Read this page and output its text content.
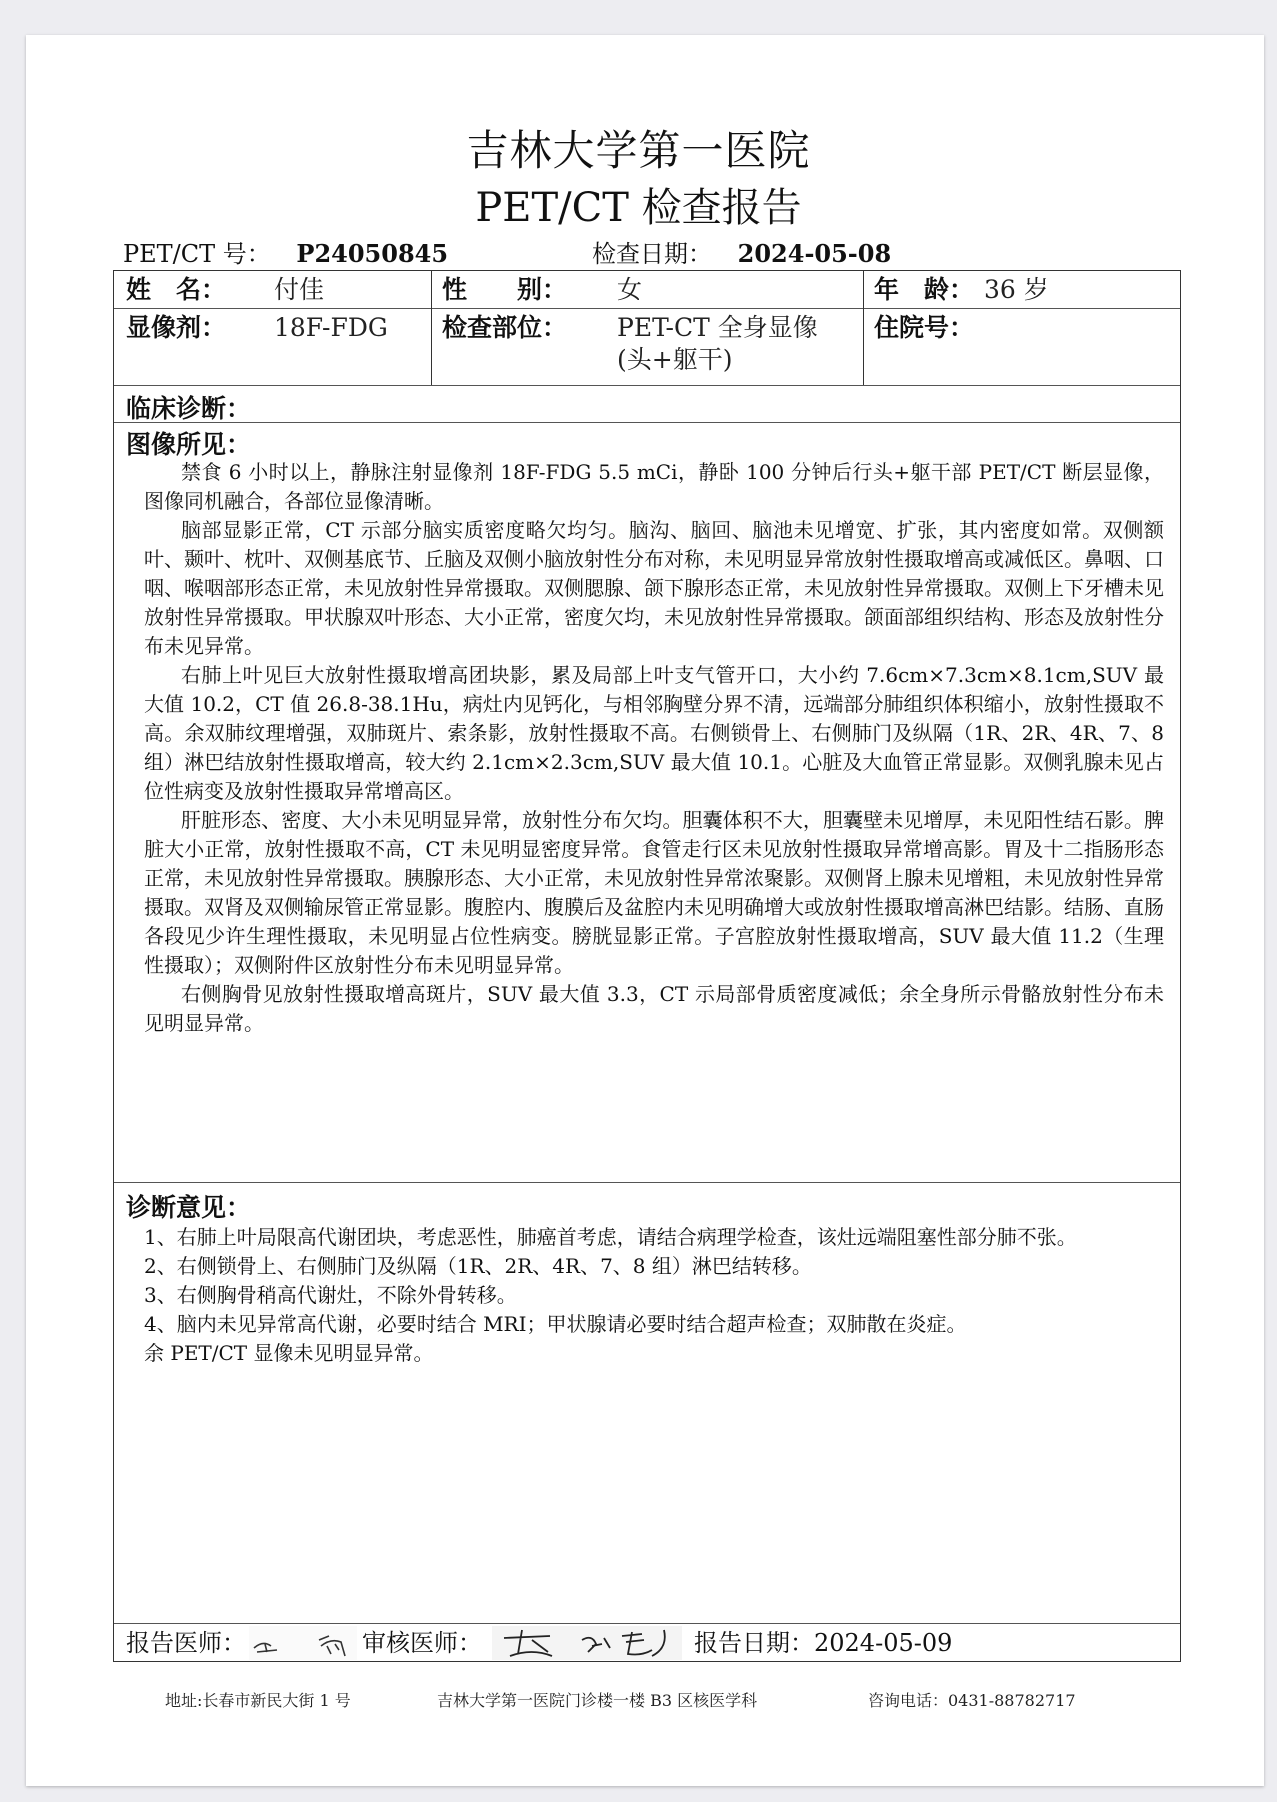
吉林大学第一医院
PET/CT 检查报告
PET/CT 号： P24050845	检查日期： 2024-05-08
姓　名： 付佳	性　　别： 女	年　龄： 36 岁
显像剂： 18F-FDG 检查部位： PET-CT 全身显像
(头+躯干)
住院号：
临床诊断：
图像所见：

禁食 6 小时以上，静脉注射显像剂 18F-FDG 5.5 mCi，静卧 100 分钟后行头+躯干部 PET/CT 断层显像，图像同机融合，各部位显像清晰。

脑部显影正常，CT 示部分脑实质密度略欠均匀。脑沟、脑回、脑池未见增宽、扩张，其内密度如常。双侧额叶、颞叶、枕叶、双侧基底节、丘脑及双侧小脑放射性分布对称，未见明显异常放射性摄取增高或减低区。鼻咽、口咽、喉咽部形态正常，未见放射性异常摄取。双侧腮腺、颌下腺形态正常，未见放射性异常摄取。双侧上下牙槽未见放射性异常摄取。甲状腺双叶形态、大小正常，密度欠均，未见放射性异常摄取。颌面部组织结构、形态及放射性分布未见异常。

右肺上叶见巨大放射性摄取增高团块影，累及局部上叶支气管开口，大小约 7.6cm×7.3cm×8.1cm,SUV 最大值 10.2，CT 值 26.8-38.1Hu，病灶内见钙化，与相邻胸壁分界不清，远端部分肺组织体积缩小，放射性摄取不高。余双肺纹理增强，双肺斑片、索条影，放射性摄取不高。右侧锁骨上、右侧肺门及纵隔（1R、2R、4R、7、8 组）淋巴结放射性摄取增高，较大约 2.1cm×2.3cm,SUV 最大值 10.1。心脏及大血管正常显影。双侧乳腺未见占位性病变及放射性摄取异常增高区。

肝脏形态、密度、大小未见明显异常，放射性分布欠均。胆囊体积不大，胆囊壁未见增厚，未见阳性结石影。脾脏大小正常，放射性摄取不高，CT 未见明显密度异常。食管走行区未见放射性摄取异常增高影。胃及十二指肠形态正常，未见放射性异常摄取。胰腺形态、大小正常，未见放射性异常浓聚影。双侧肾上腺未见增粗，未见放射性异常摄取。双肾及双侧输尿管正常显影。腹腔内、腹膜后及盆腔内未见明确增大或放射性摄取增高淋巴结影。结肠、直肠各段见少许生理性摄取，未见明显占位性病变。膀胱显影正常。子宫腔放射性摄取增高，SUV 最大值 11.2（生理性摄取）；双侧附件区放射性分布未见明显异常。

右侧胸骨见放射性摄取增高斑片，SUV 最大值 3.3，CT 示局部骨质密度减低；余全身所示骨骼放射性分布未见明显异常。

诊断意见：

1、右肺上叶局限高代谢团块，考虑恶性，肺癌首考虑，请结合病理学检查，该灶远端阻塞性部分肺不张。

2、右侧锁骨上、右侧肺门及纵隔（1R、2R、4R、7、8 组）淋巴结转移。

3、右侧胸骨稍高代谢灶，不除外骨转移。

4、脑内未见异常高代谢，必要时结合 MRI；甲状腺请必要时结合超声检查；双肺散在炎症。

余 PET/CT 显像未见明显异常。

报告医师：	审核医师：	报告日期： 2024-05-09
地址:长春市新民大街 1 号	吉林大学第一医院门诊楼一楼 B3 区核医学科	咨询电话：0431-88782717
